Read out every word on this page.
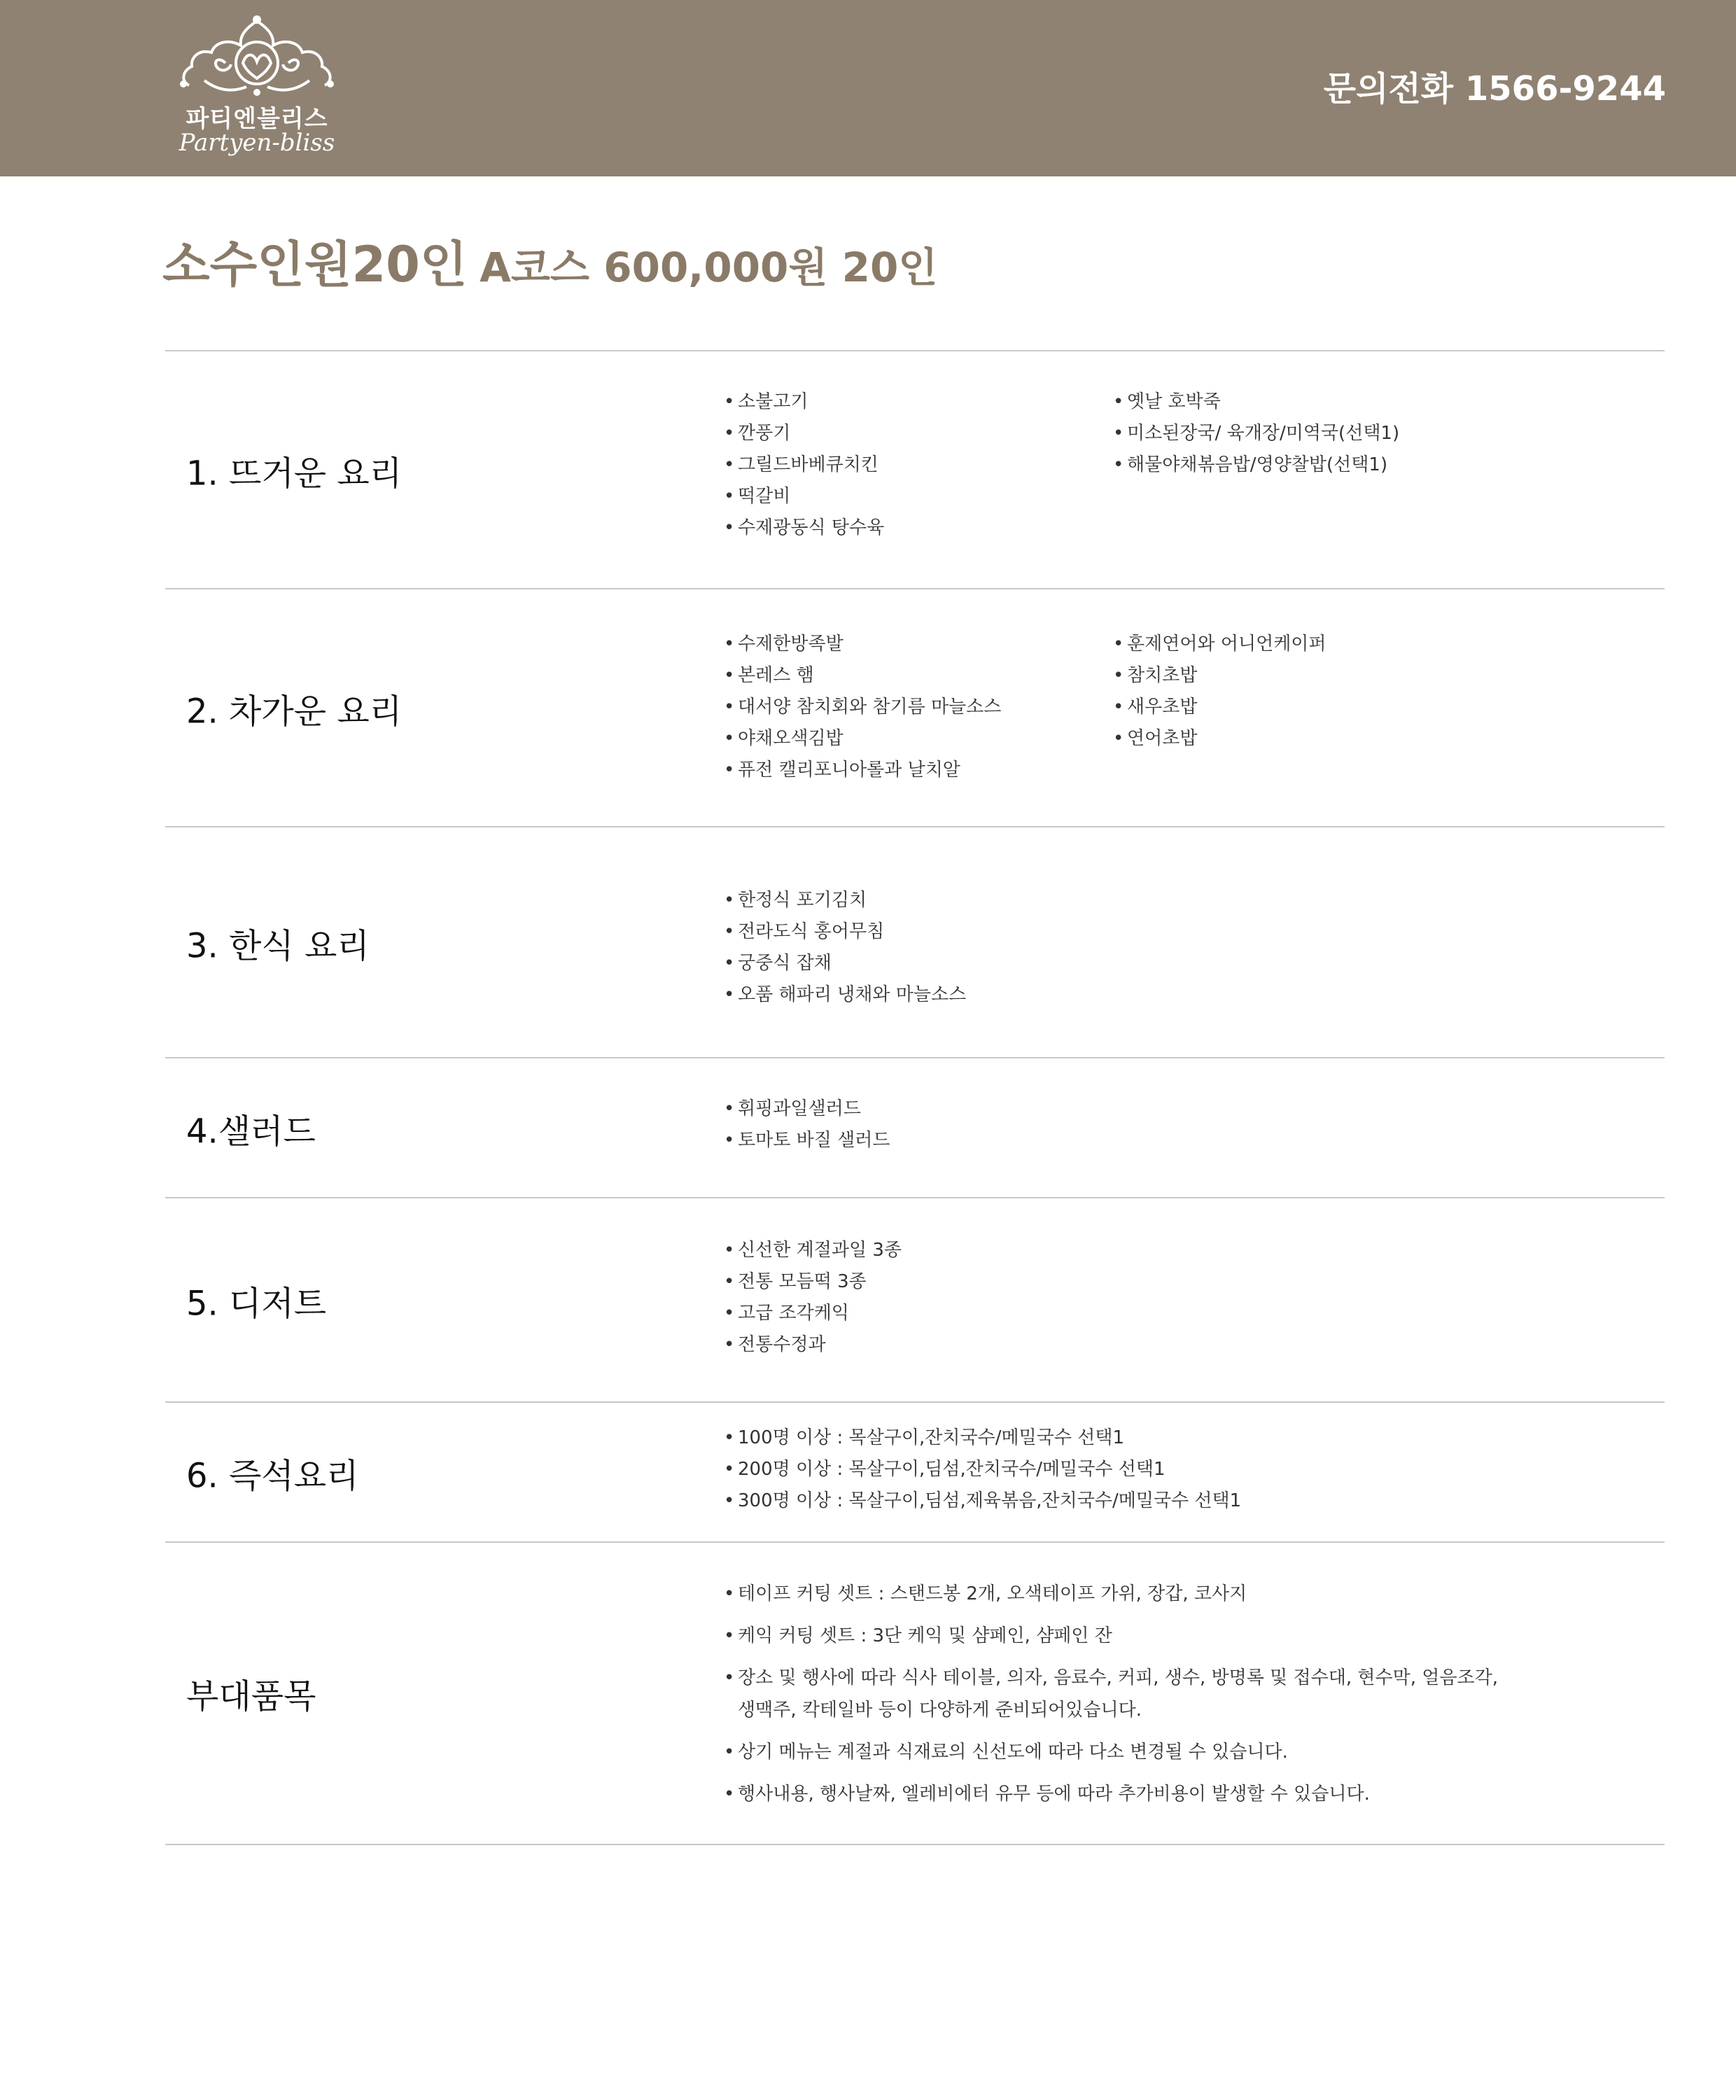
파티엔블리스
Partyen-bliss
문의전화 1566-9244
소수인원20인 A코스 600,000원 20인
1. 뜨거운 요리
• 소불고기
• 깐풍기
• 그릴드바베큐치킨
• 떡갈비
• 수제광동식 탕수육
• 옛날 호박죽
• 미소된장국/ 육개장/미역국(선택1)
• 해물야채볶음밥/영양찰밥(선택1)
2. 차가운 요리
• 수제한방족발
• 본레스 햄
• 대서양 참치회와 참기름 마늘소스
• 야채오색김밥
• 퓨전 캘리포니아롤과 날치알
• 훈제연어와 어니언케이퍼
• 참치초밥
• 새우초밥
• 연어초밥
3. 한식 요리
• 한정식 포기김치
• 전라도식 홍어무침
• 궁중식 잡채
• 오품 해파리 냉채와 마늘소스
4.샐러드
• 휘핑과일샐러드
• 토마토 바질 샐러드
5. 디저트
• 신선한 계절과일 3종
• 전통 모듬떡 3종
• 고급 조각케익
• 전통수정과
6. 즉석요리
• 100명 이상 : 목살구이,잔치국수/메밀국수 선택1
• 200명 이상 : 목살구이,딤섬,잔치국수/메밀국수 선택1
• 300명 이상 : 목살구이,딤섬,제육볶음,잔치국수/메밀국수 선택1
부대품목
• 테이프 커팅 셋트 : 스탠드봉 2개, 오색테이프 가위, 장갑, 코사지
• 케익 커팅 셋트 : 3단 케익 및 샴페인, 샴페인 잔
• 장소 및 행사에 따라 식사 테이블, 의자, 음료수, 커피, 생수, 방명록 및 접수대, 현수막, 얼음조각, 생맥주, 칵테일바 등이 다양하게 준비되어있습니다.
• 상기 메뉴는 계절과 식재료의 신선도에 따라 다소 변경될 수 있습니다.
• 행사내용, 행사날짜, 엘레비에터 유무 등에 따라 추가비용이 발생할 수 있습니다.
